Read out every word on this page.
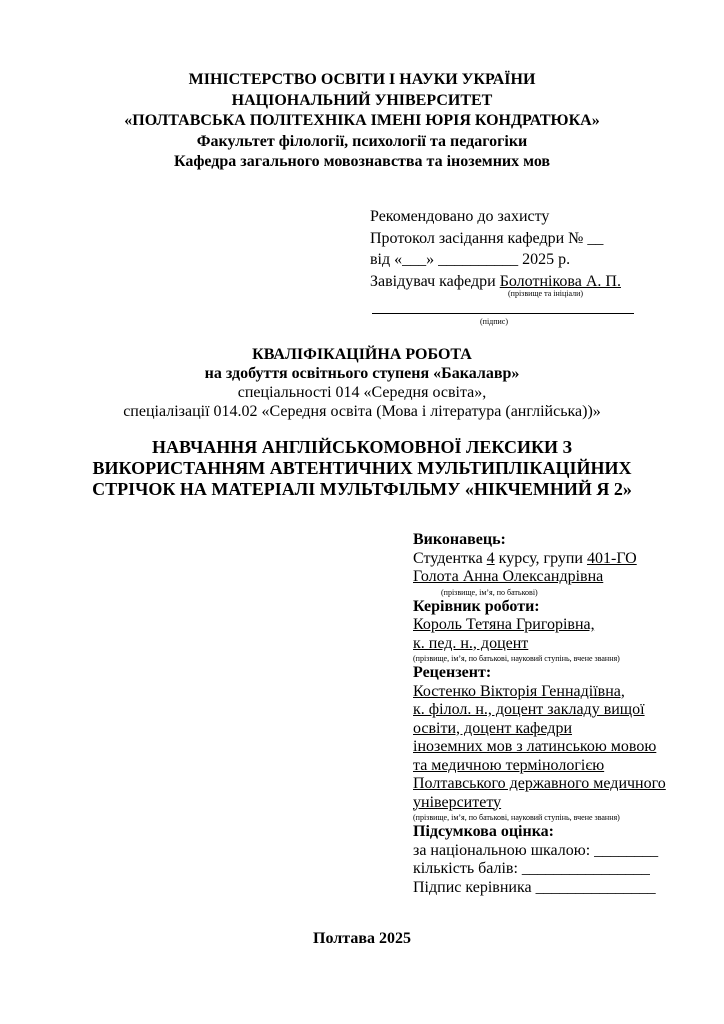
МІНІСТЕРСТВО ОСВІТИ І НАУКИ УКРАЇНИ
НАЦІОНАЛЬНИЙ УНІВЕРСИТЕТ
«ПОЛТАВСЬКА ПОЛІТЕХНІКА ІМЕНІ ЮРІЯ КОНДРАТЮКА»
Факультет філології, психології та педагогіки
Кафедра загального мовознавства та іноземних мов
Рекомендовано до захисту
Протокол засідання кафедри № __
від «___» __________ 2025 р.
Завідувач кафедри Болотнікова А. П.
(прізвище та ініціали)
(підпис)
КВАЛІФІКАЦІЙНА РОБОТА
на здобуття освітнього ступеня «Бакалавр»
спеціальності 014 «Середня освіта»,
спеціалізації 014.02 «Середня освіта (Мова і література (англійська))»
НАВЧАННЯ АНГЛІЙСЬКОМОВНОЇ ЛЕКСИКИ З
ВИКОРИСТАННЯМ АВТЕНТИЧНИХ МУЛЬТИПЛІКАЦІЙНИХ
СТРІЧОК НА МАТЕРІАЛІ МУЛЬТФІЛЬМУ «НІКЧЕМНИЙ Я 2»
Виконавець:
Студентка 4 курсу, групи 401-ГО
Голота Анна Олександрівна
(прізвище, ім’я, по батькові)
Керівник роботи:
Король Тетяна Григорівна,
к. пед. н., доцент
(прізвище, ім’я, по батькові, науковий ступінь, вчене звання)
Рецензент:
Костенко Вікторія Геннадіївна,
к. філол. н., доцент закладу вищої
освіти, доцент кафедри
іноземних мов з латинською мовою
та медичною термінологією
Полтавського державного медичного
університету
(прізвище, ім’я, по батькові, науковий ступінь, вчене звання)
Підсумкова оцінка:
за національною шкалою: ________
кількість балів: ________________
Підпис керівника _______________
Полтава 2025
